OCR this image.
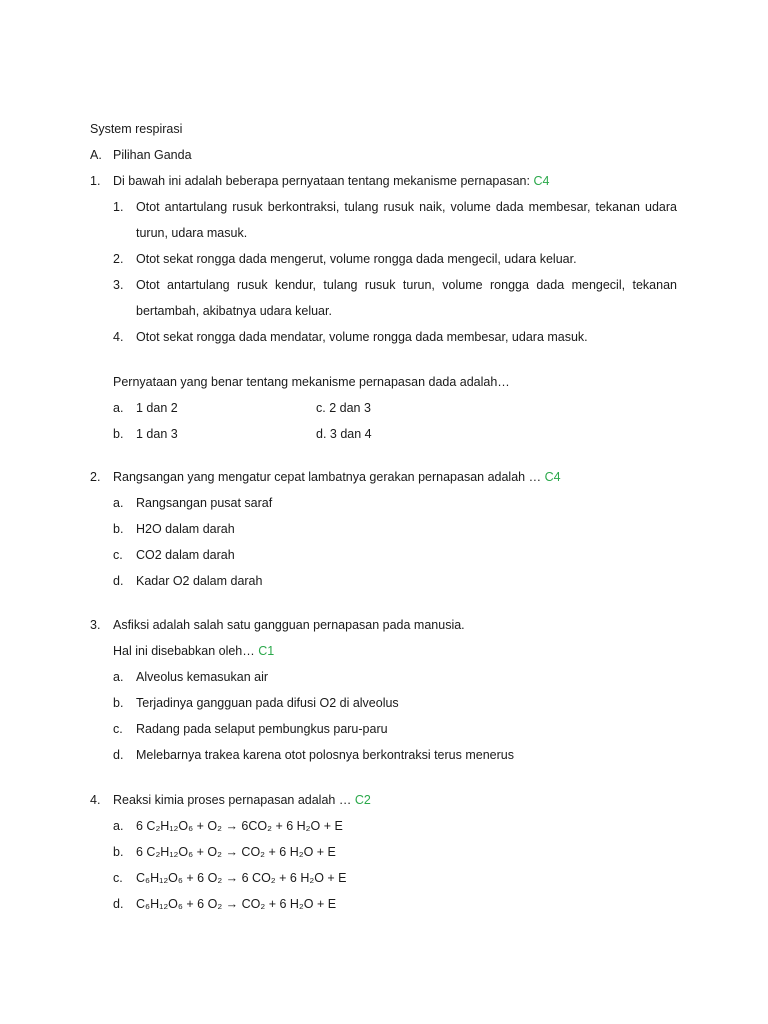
System respirasi
A. Pilihan Ganda
1. Di bawah ini adalah beberapa pernyataan tentang mekanisme pernapasan: C4
1. Otot antartulang rusuk berkontraksi, tulang rusuk naik, volume dada membesar, tekanan udara
turun, udara masuk.
2. Otot sekat rongga dada mengerut, volume rongga dada mengecil, udara keluar.
3. Otot antartulang rusuk kendur, tulang rusuk turun, volume rongga dada mengecil, tekanan
bertambah, akibatnya udara keluar.
4. Otot sekat rongga dada mendatar, volume rongga dada membesar, udara masuk.
Pernyataan yang benar tentang mekanisme pernapasan dada adalah…
a. 1 dan 2	c. 2 dan 3
b. 1 dan 3	d. 3 dan 4
2. Rangsangan yang mengatur cepat lambatnya gerakan pernapasan adalah … C4
a. Rangsangan pusat saraf
b. H2O dalam darah
c. CO2 dalam darah
d. Kadar O2 dalam darah
3. Asfiksi adalah salah satu gangguan pernapasan pada manusia.
Hal ini disebabkan oleh… C1
a. Alveolus kemasukan air
b. Terjadinya gangguan pada difusi O2 di alveolus
c. Radang pada selaput pembungkus paru-paru
d. Melebarnya trakea karena otot polosnya berkontraksi terus menerus
4. Reaksi kimia proses pernapasan adalah … C2
a. 6 C₂H₁₂O₆ + O₂ → 6CO₂ + 6 H₂O + E
b. 6 C₂H₁₂O₆ + O₂ → CO₂ + 6 H₂O + E
c. C₆H₁₂O₆ + 6 O₂ → 6 CO₂ + 6 H₂O + E
d. C₆H₁₂O₆ + 6 O₂ → CO₂ + 6 H₂O + E
